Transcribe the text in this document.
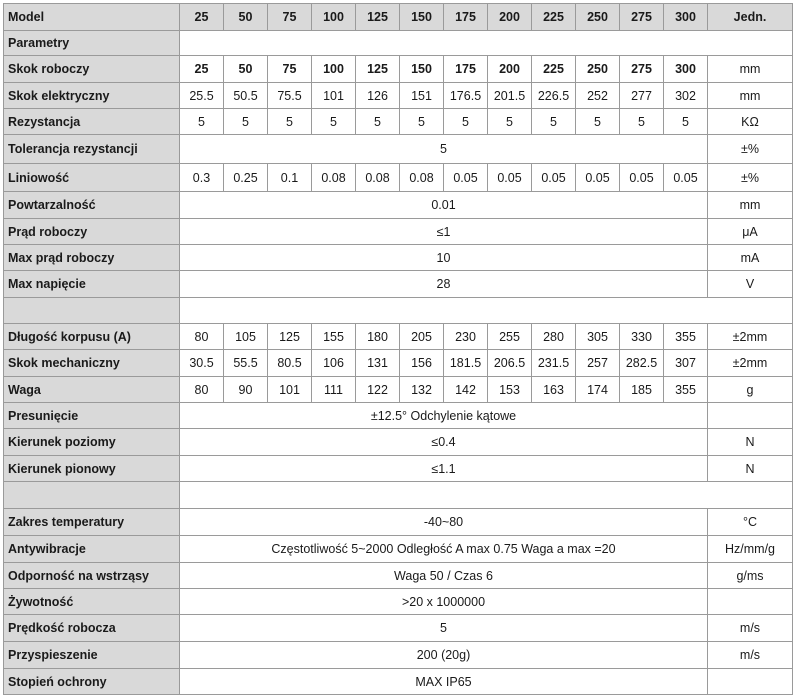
Model	25	50	75	100	125	150	175	200	225	250	275	300	Jedn.
Parametry													
Skok roboczy	25	50	75	100	125	150	175	200	225	250	275	300	mm
Skok elektryczny	25.5	50.5	75.5	101	126	151	176.5	201.5	226.5	252	277	302	mm
Rezystancja	5	5	5	5	5	5	5	5	5	5	5	5	KΩ
Tolerancja rezystancji	5												±%
Liniowość	0.3	0.25	0.1	0.08	0.08	0.08	0.05	0.05	0.05	0.05	0.05	0.05	±%
Powtarzalność	0.01												mm
Prąd roboczy	≤1												μA
Max prąd roboczy	10												mA
Max napięcie	28												V

Długość korpusu (A)	80	105	125	155	180	205	230	255	280	305	330	355	±2mm
Skok mechaniczny	30.5	55.5	80.5	106	131	156	181.5	206.5	231.5	257	282.5	307	±2mm
Waga	80	90	101	111	122	132	142	153	163	174	185	355	g
Presunięcie	±12.5° Odchylenie kątowe												
Kierunek poziomy	≤0.4												N
Kierunek pionowy	≤1.1												N

Zakres temperatury	-40~80												°C
Antywibracje	Częstotliwość 5~2000 Odległość A max 0.75 Waga a max =20												Hz/mm/g
Odporność na wstrząsy	Waga 50 / Czas 6												g/ms
Żywotność	>20 x 1000000												
Prędkość robocza	5												m/s
Przyspieszenie	200 (20g)												m/s
Stopień ochrony	MAX IP65												
